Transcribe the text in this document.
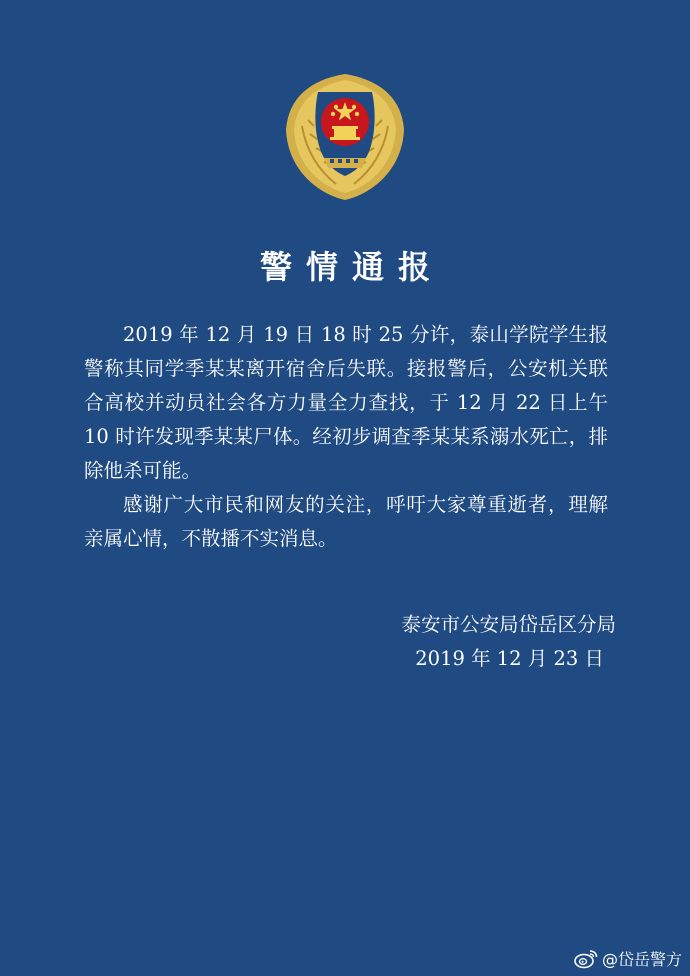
警情通报

2019 年 12 月 19 日 18 时 25 分许，泰山学院学生报警称其同学季某某离开宿舍后失联。接报警后，公安机关联合高校并动员社会各方力量全力查找，于 12 月 22 日上午 10 时许发现季某某尸体。经初步调查季某某系溺水死亡，排除他杀可能。

感谢广大市民和网友的关注，呼吁大家尊重逝者，理解亲属心情，不散播不实消息。

泰安市公安局岱岳区分局
2019 年 12 月 23 日
@岱岳警方
